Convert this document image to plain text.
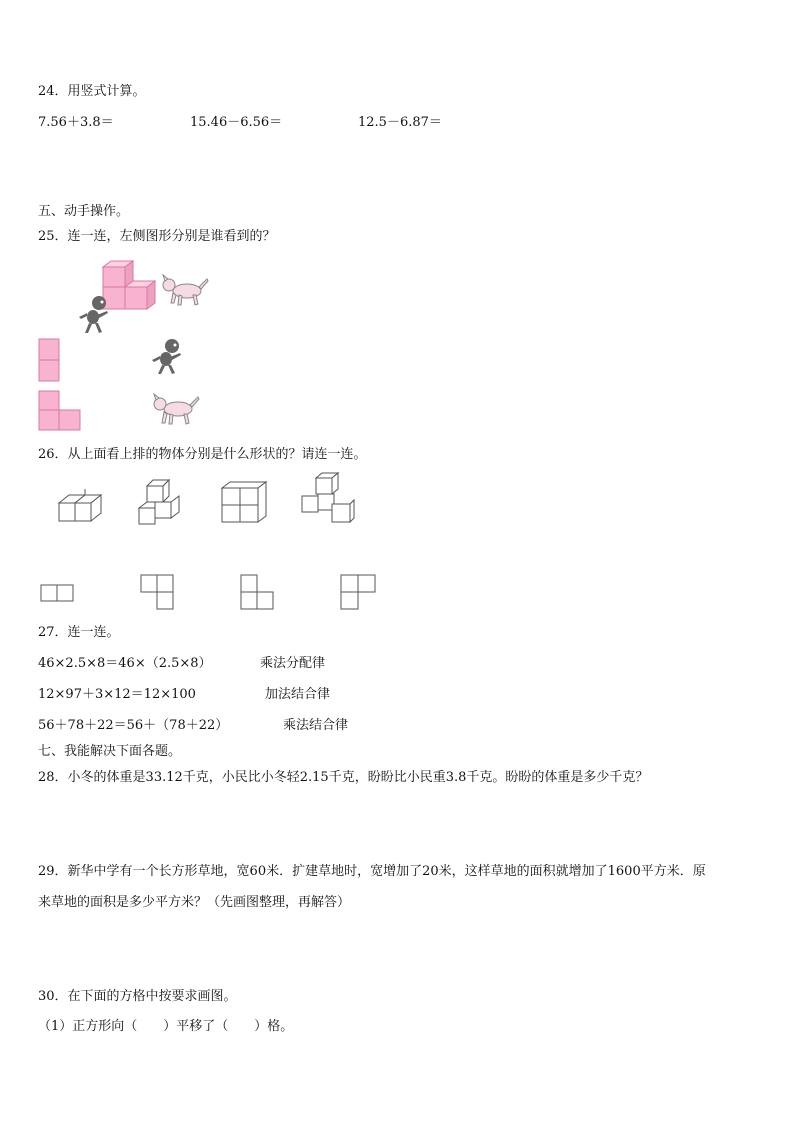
24．用竖式计算。
7.56＋3.8＝	15.46－6.56＝	12.5－6.87＝
五、动手操作。
25．连一连，左侧图形分别是谁看到的？
26．从上面看上排的物体分别是什么形状的？请连一连。
27．连一连。
46×2.5×8＝46×（2.5×8）	乘法分配律
12×97＋3×12＝12×100	加法结合律
56＋78＋22＝56＋（78＋22）	乘法结合律
七、我能解决下面各题。
28．小冬的体重是33.12千克，小民比小冬轻2.15千克，盼盼比小民重3.8千克。盼盼的体重是多少千克？
29．新华中学有一个长方形草地，宽60米．扩建草地时，宽增加了20米，这样草地的面积就增加了1600平方米．原
来草地的面积是多少平方米？（先画图整理，再解答）
30．在下面的方格中按要求画图。
（1）正方形向（　　）平移了（　　）格。
